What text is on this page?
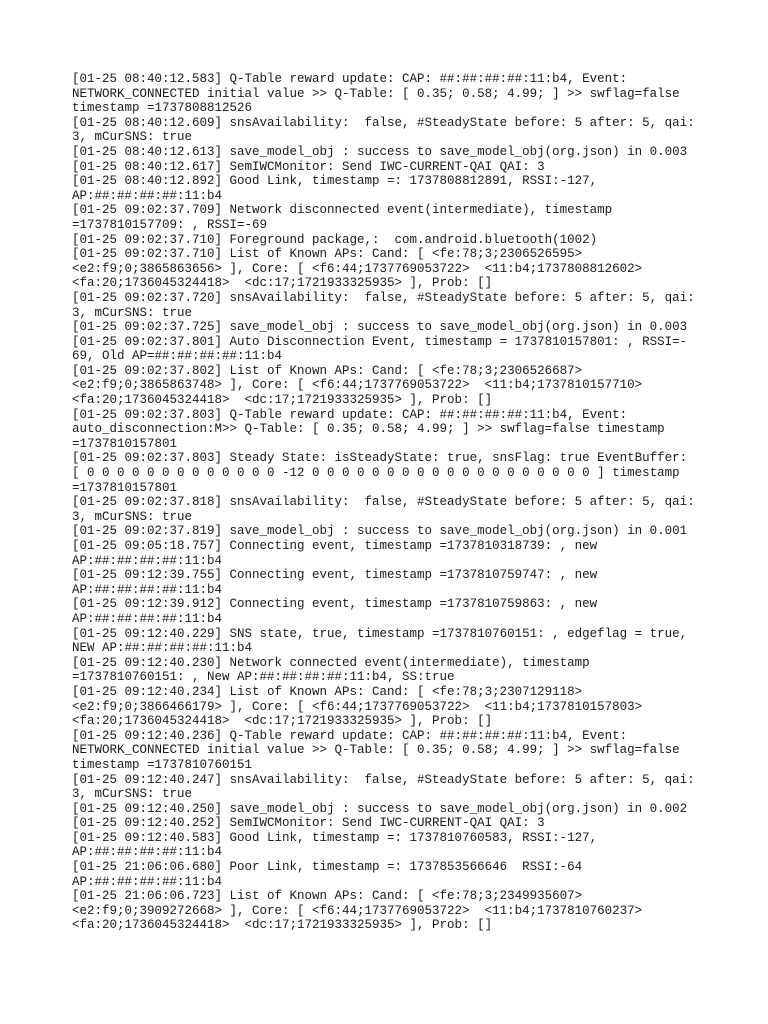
[01-25 08:40:12.583] Q-Table reward update: CAP: ##:##:##:##:11:b4, Event:
NETWORK_CONNECTED initial value >> Q-Table: [ 0.35; 0.58; 4.99; ] >> swflag=false
timestamp =1737808812526
[01-25 08:40:12.609] snsAvailability:  false, #SteadyState before: 5 after: 5, qai:
3, mCurSNS: true
[01-25 08:40:12.613] save_model_obj : success to save_model_obj(org.json) in 0.003
[01-25 08:40:12.617] SemIWCMonitor: Send IWC-CURRENT-QAI QAI: 3
[01-25 08:40:12.892] Good Link, timestamp =: 1737808812891, RSSI:-127,
AP:##:##:##:##:11:b4
[01-25 09:02:37.709] Network disconnected event(intermediate), timestamp
=1737810157709: , RSSI=-69
[01-25 09:02:37.710] Foreground package,:  com.android.bluetooth(1002)
[01-25 09:02:37.710] List of Known APs: Cand: [ <fe:78;3;2306526595>
<e2:f9;0;3865863656> ], Core: [ <f6:44;1737769053722>  <11:b4;1737808812602>
<fa:20;1736045324418>  <dc:17;1721933325935> ], Prob: []
[01-25 09:02:37.720] snsAvailability:  false, #SteadyState before: 5 after: 5, qai:
3, mCurSNS: true
[01-25 09:02:37.725] save_model_obj : success to save_model_obj(org.json) in 0.003
[01-25 09:02:37.801] Auto Disconnection Event, timestamp = 1737810157801: , RSSI=-
69, Old AP=##:##:##:##:11:b4
[01-25 09:02:37.802] List of Known APs: Cand: [ <fe:78;3;2306526687>
<e2:f9;0;3865863748> ], Core: [ <f6:44;1737769053722>  <11:b4;1737810157710>
<fa:20;1736045324418>  <dc:17;1721933325935> ], Prob: []
[01-25 09:02:37.803] Q-Table reward update: CAP: ##:##:##:##:11:b4, Event:
auto_disconnection:M>> Q-Table: [ 0.35; 0.58; 4.99; ] >> swflag=false timestamp
=1737810157801
[01-25 09:02:37.803] Steady State: isSteadyState: true, snsFlag: true EventBuffer:
[ 0 0 0 0 0 0 0 0 0 0 0 0 0 -12 0 0 0 0 0 0 0 0 0 0 0 0 0 0 0 0 0 0 0 ] timestamp
=1737810157801
[01-25 09:02:37.818] snsAvailability:  false, #SteadyState before: 5 after: 5, qai:
3, mCurSNS: true
[01-25 09:02:37.819] save_model_obj : success to save_model_obj(org.json) in 0.001
[01-25 09:05:18.757] Connecting event, timestamp =1737810318739: , new
AP:##:##:##:##:11:b4
[01-25 09:12:39.755] Connecting event, timestamp =1737810759747: , new
AP:##:##:##:##:11:b4
[01-25 09:12:39.912] Connecting event, timestamp =1737810759863: , new
AP:##:##:##:##:11:b4
[01-25 09:12:40.229] SNS state, true, timestamp =1737810760151: , edgeflag = true,
NEW AP:##:##:##:##:11:b4
[01-25 09:12:40.230] Network connected event(intermediate), timestamp
=1737810760151: , New AP:##:##:##:##:11:b4, SS:true
[01-25 09:12:40.234] List of Known APs: Cand: [ <fe:78;3;2307129118>
<e2:f9;0;3866466179> ], Core: [ <f6:44;1737769053722>  <11:b4;1737810157803>
<fa:20;1736045324418>  <dc:17;1721933325935> ], Prob: []
[01-25 09:12:40.236] Q-Table reward update: CAP: ##:##:##:##:11:b4, Event:
NETWORK_CONNECTED initial value >> Q-Table: [ 0.35; 0.58; 4.99; ] >> swflag=false
timestamp =1737810760151
[01-25 09:12:40.247] snsAvailability:  false, #SteadyState before: 5 after: 5, qai:
3, mCurSNS: true
[01-25 09:12:40.250] save_model_obj : success to save_model_obj(org.json) in 0.002
[01-25 09:12:40.252] SemIWCMonitor: Send IWC-CURRENT-QAI QAI: 3
[01-25 09:12:40.583] Good Link, timestamp =: 1737810760583, RSSI:-127,
AP:##:##:##:##:11:b4
[01-25 21:06:06.680] Poor Link, timestamp =: 1737853566646  RSSI:-64
AP:##:##:##:##:11:b4
[01-25 21:06:06.723] List of Known APs: Cand: [ <fe:78;3;2349935607>
<e2:f9;0;3909272668> ], Core: [ <f6:44;1737769053722>  <11:b4;1737810760237>
<fa:20;1736045324418>  <dc:17;1721933325935> ], Prob: []
